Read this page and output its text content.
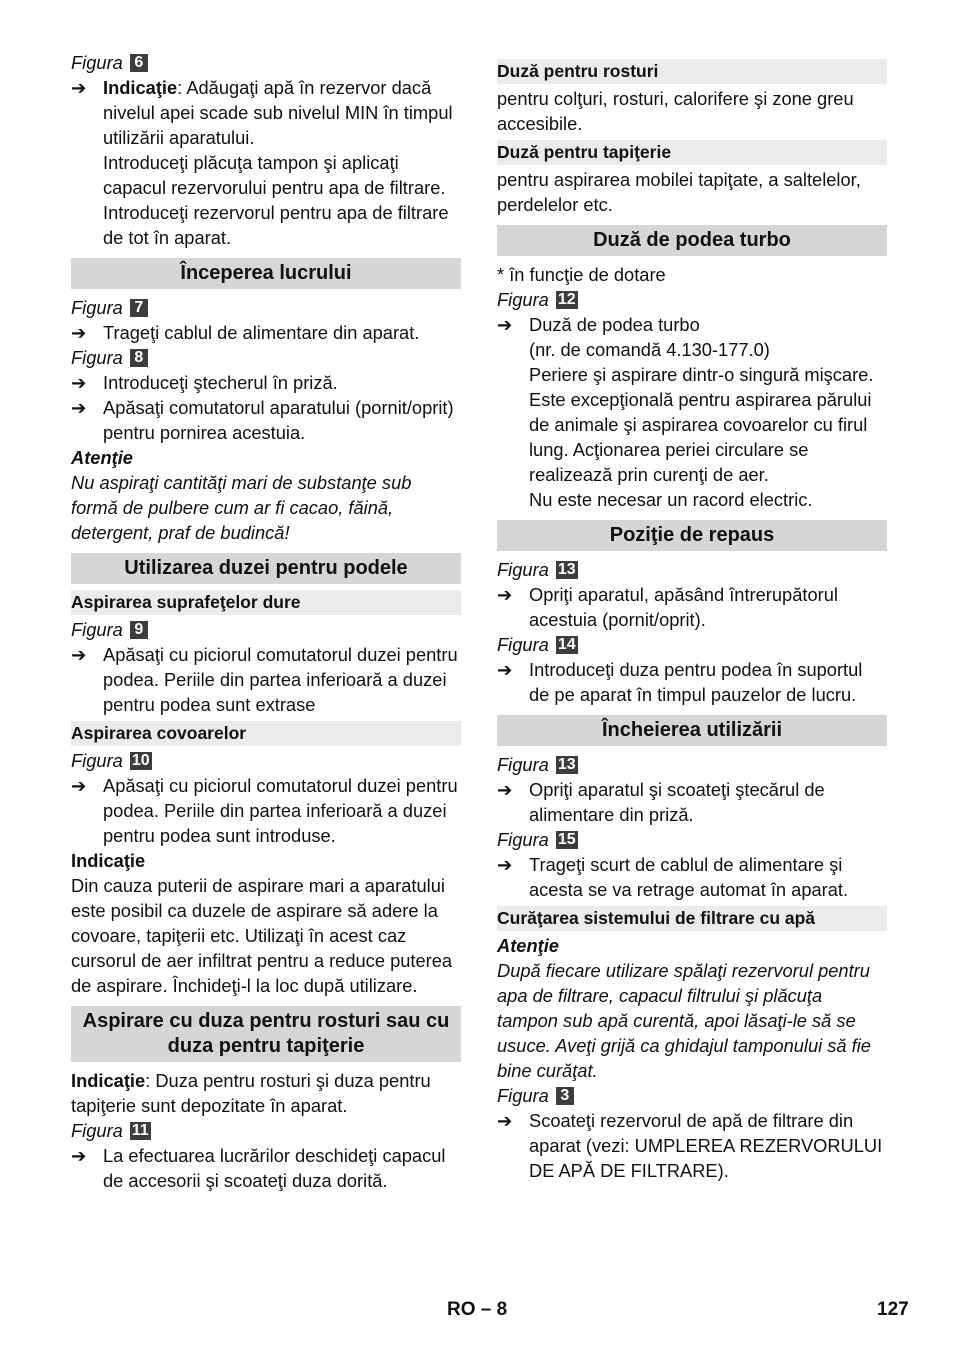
Figura 6

➔ Indicaţie: Adăugaţi apă în rezervor dacă nivelul apei scade sub nivelul MIN în timpul utilizării aparatului.
Introduceţi plăcuţa tampon şi aplicaţi capacul rezervorului pentru apa de filtrare. Introduceţi rezervorul pentru apa de filtrare de tot în aparat.
Începerea lucrului

Figura 7

➔ Trageţi cablul de alimentare din aparat.

Figura 8

➔ Introduceţi ştecherul în priză.
➔ Apăsaţi comutatorul aparatului (pornit/oprit) pentru pornirea acestuia.

Atenţie

Nu aspiraţi cantităţi mari de substanţe sub formă de pulbere cum ar fi cacao, făină, detergent, praf de budincă!

Utilizarea duzei pentru podele
Aspirarea suprafeţelor dure

Figura 9

➔ Apăsaţi cu piciorul comutatorul duzei pentru podea. Periile din partea inferioară a duzei pentru podea sunt extrase
Aspirarea covoarelor

Figura 10

➔ Apăsaţi cu piciorul comutatorul duzei pentru podea. Periile din partea inferioară a duzei pentru podea sunt introduse.

Indicaţie

Din cauza puterii de aspirare mari a aparatului este posibil ca duzele de aspirare să adere la covoare, tapiţerii etc. Utilizaţi în acest caz cursorul de aer infiltrat pentru a reduce puterea de aspirare. Închideţi-l la loc după utilizare.

Aspirare cu duza pentru rosturi sau cu duza pentru tapiţerie

Indicaţie: Duza pentru rosturi şi duza pentru tapiţerie sunt depozitate în aparat.

Figura 11

➔ La efectuarea lucrărilor deschideţi capacul de accesorii şi scoateţi duza dorită.
Duză pentru rosturi

pentru colţuri, rosturi, calorifere şi zone greu accesibile.

Duză pentru tapiţerie

pentru aspirarea mobilei tapiţate, a saltelelor, perdelelor etc.

Duză de podea turbo

* în funcţie de dotare

Figura 12

➔ Duză de podea turbo
(nr. de comandă 4.130-177.0)
Periere şi aspirare dintr-o singură mişcare.
Este excepţională pentru aspirarea părului de animale şi aspirarea covoarelor cu firul lung. Acţionarea periei circulare se realizează prin curenţi de aer.
Nu este necesar un racord electric.
Poziţie de repaus

Figura 13

➔ Opriţi aparatul, apăsând întrerupătorul acestuia (pornit/oprit).

Figura 14

➔ Introduceţi duza pentru podea în suportul de pe aparat în timpul pauzelor de lucru.
Încheierea utilizării

Figura 13

➔ Opriţi aparatul şi scoateţi ştecărul de alimentare din priză.

Figura 15

➔ Trageţi scurt de cablul de alimentare şi acesta se va retrage automat în aparat.
Curăţarea sistemului de filtrare cu apă

Atenţie

După fiecare utilizare spălaţi rezervorul pentru apa de filtrare, capacul filtrului şi plăcuţa tampon sub apă curentă, apoi lăsaţi-le să se usuce. Aveţi grijă ca ghidajul tamponului să fie bine curăţat.

Figura 3

➔ Scoateţi rezervorul de apă de filtrare din aparat (vezi: UMPLEREA REZERVORULUI DE APĂ DE FILTRARE).
RO – 8	127
